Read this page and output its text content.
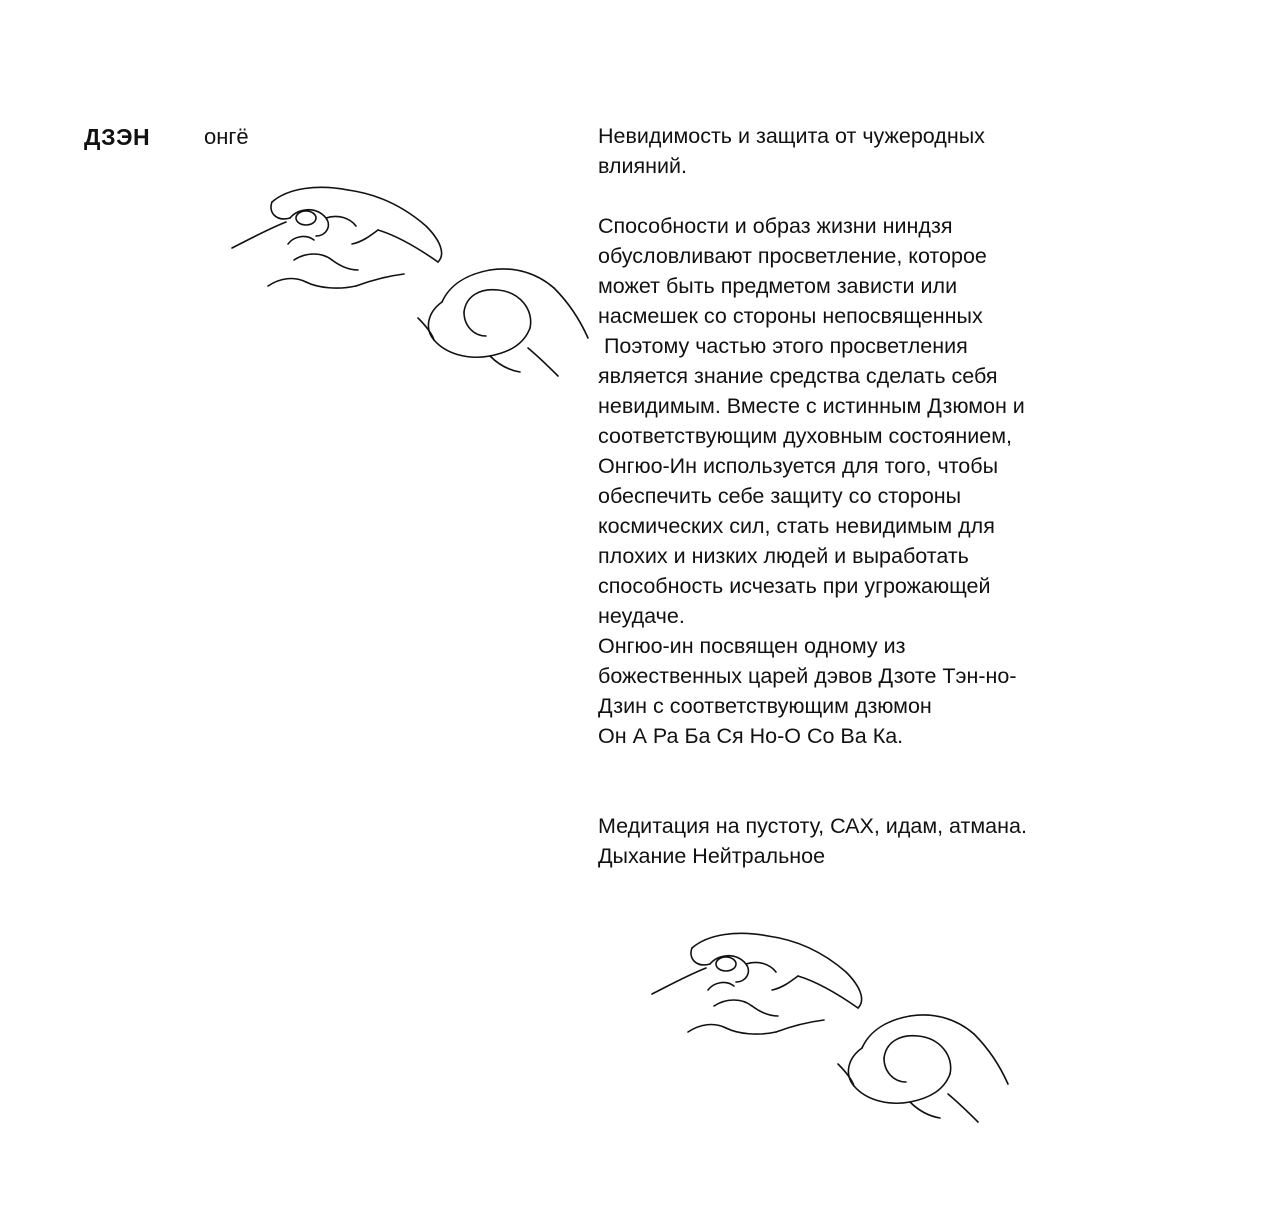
ДЗЭН онгё	Невидимость и защита от чужеродных
влияний.
Способности и образ жизни ниндзя
обусловливают просветление, которое
может быть предметом зависти или
насмешек со стороны непосвященных
Поэтому частью этого просветления
является знание средства сделать себя
невидимым. Вместе с истинным Дзюмон и
соответствующим духовным состоянием,
Онгюо-Ин используется для того, чтобы
обеспечить себе защиту со стороны
космических сил, стать невидимым для
плохих и низких людей и выработать
способность исчезать при угрожающей
неудаче.
Онгюо-ин посвящен одному из
божественных царей дэвов Дзоте Тэн-но-
Дзин с соответствующим дзюмон
Он А Ра Ба Ся Но-О Со Ва Ка.
Медитация на пустоту, САХ, идам, атмана.
Дыхание Нейтральное
